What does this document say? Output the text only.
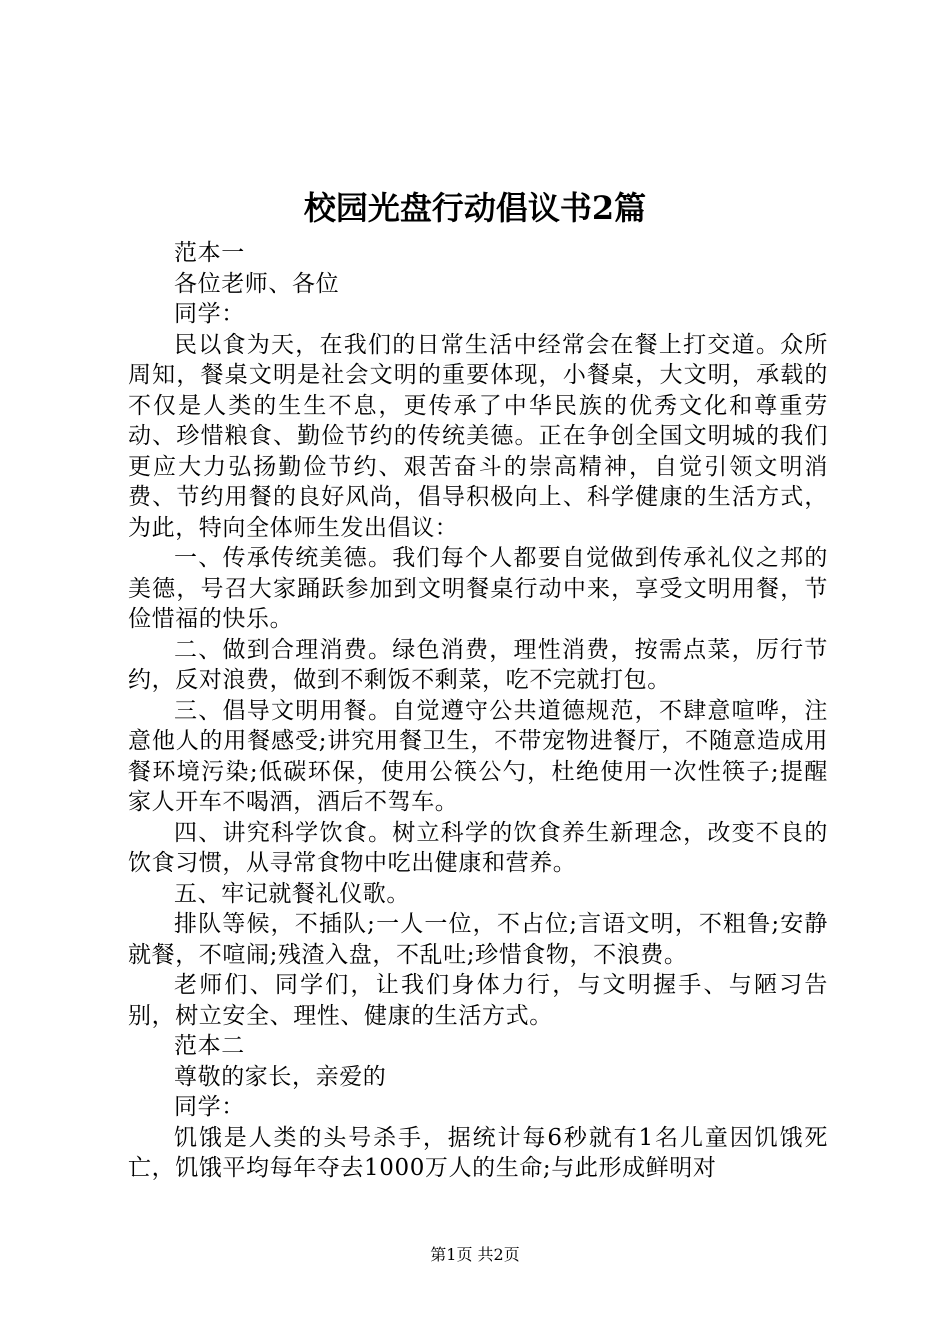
校园光盘行动倡议书2篇

范本一

各位老师、各位

同学：

民以食为天，在我们的日常生活中经常会在餐上打交道。众所周知，餐桌文明是社会文明的重要体现，小餐桌，大文明，承载的不仅是人类的生生不息，更传承了中华民族的优秀文化和尊重劳动、珍惜粮食、勤俭节约的传统美德。正在争创全国文明城的我们更应大力弘扬勤俭节约、艰苦奋斗的崇高精神，自觉引领文明消费、节约用餐的良好风尚，倡导积极向上、科学健康的生活方式，为此，特向全体师生发出倡议：

一、传承传统美德。我们每个人都要自觉做到传承礼仪之邦的美德，号召大家踊跃参加到文明餐桌行动中来，享受文明用餐，节俭惜福的快乐。

二、做到合理消费。绿色消费，理性消费，按需点菜，厉行节约，反对浪费，做到不剩饭不剩菜，吃不完就打包。

三、倡导文明用餐。自觉遵守公共道德规范，不肆意喧哗，注意他人的用餐感受;讲究用餐卫生，不带宠物进餐厅，不随意造成用餐环境污染;低碳环保，使用公筷公勺，杜绝使用一次性筷子;提醒家人开车不喝酒，酒后不驾车。

四、讲究科学饮食。树立科学的饮食养生新理念，改变不良的饮食习惯，从寻常食物中吃出健康和营养。

五、牢记就餐礼仪歌。

排队等候，不插队;一人一位，不占位;言语文明，不粗鲁;安静就餐，不喧闹;残渣入盘，不乱吐;珍惜食物，不浪费。

老师们、同学们，让我们身体力行，与文明握手、与陋习告别，树立安全、理性、健康的生活方式。

范本二

尊敬的家长，亲爱的

同学：

饥饿是人类的头号杀手，据统计每6秒就有1名儿童因饥饿死亡，饥饿平均每年夺去1000万人的生命;与此形成鲜明对

第1页 共2页
